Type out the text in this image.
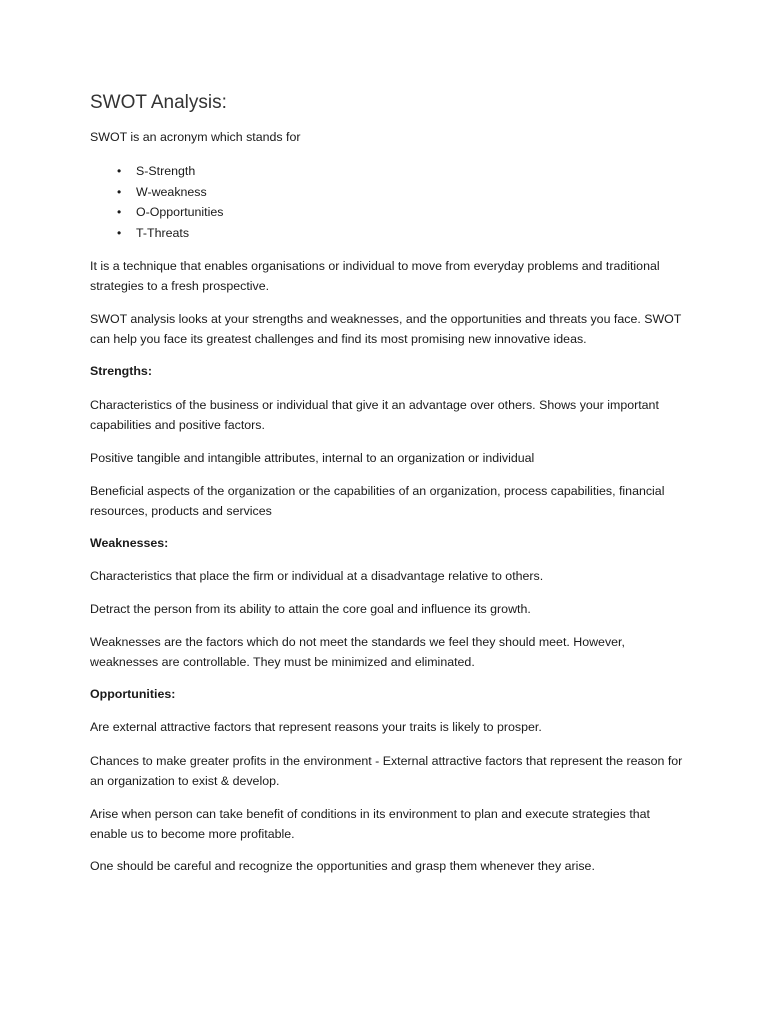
SWOT Analysis:

SWOT is an acronym which stands for

• S-Strength
• W-weakness
• O-Opportunities
• T-Threats

It is a technique that enables organisations or individual to move from everyday problems and traditional strategies to a fresh prospective.

SWOT analysis looks at your strengths and weaknesses, and the opportunities and threats you face. SWOT can help you face its greatest challenges and find its most promising new innovative ideas.

Strengths:

Characteristics of the business or individual that give it an advantage over others. Shows your important capabilities and positive factors.

Positive tangible and intangible attributes, internal to an organization or individual

Beneficial aspects of the organization or the capabilities of an organization, process capabilities, financial resources, products and services

Weaknesses:

Characteristics that place the firm or individual at a disadvantage relative to others.

Detract the person from its ability to attain the core goal and influence its growth.

Weaknesses are the factors which do not meet the standards we feel they should meet. However, weaknesses are controllable. They must be minimized and eliminated.

Opportunities:

Are external attractive factors that represent reasons your traits is likely to prosper.

Chances to make greater profits in the environment - External attractive factors that represent the reason for an organization to exist & develop.

Arise when person can take benefit of conditions in its environment to plan and execute strategies that enable us to become more profitable.

One should be careful and recognize the opportunities and grasp them whenever they arise.
